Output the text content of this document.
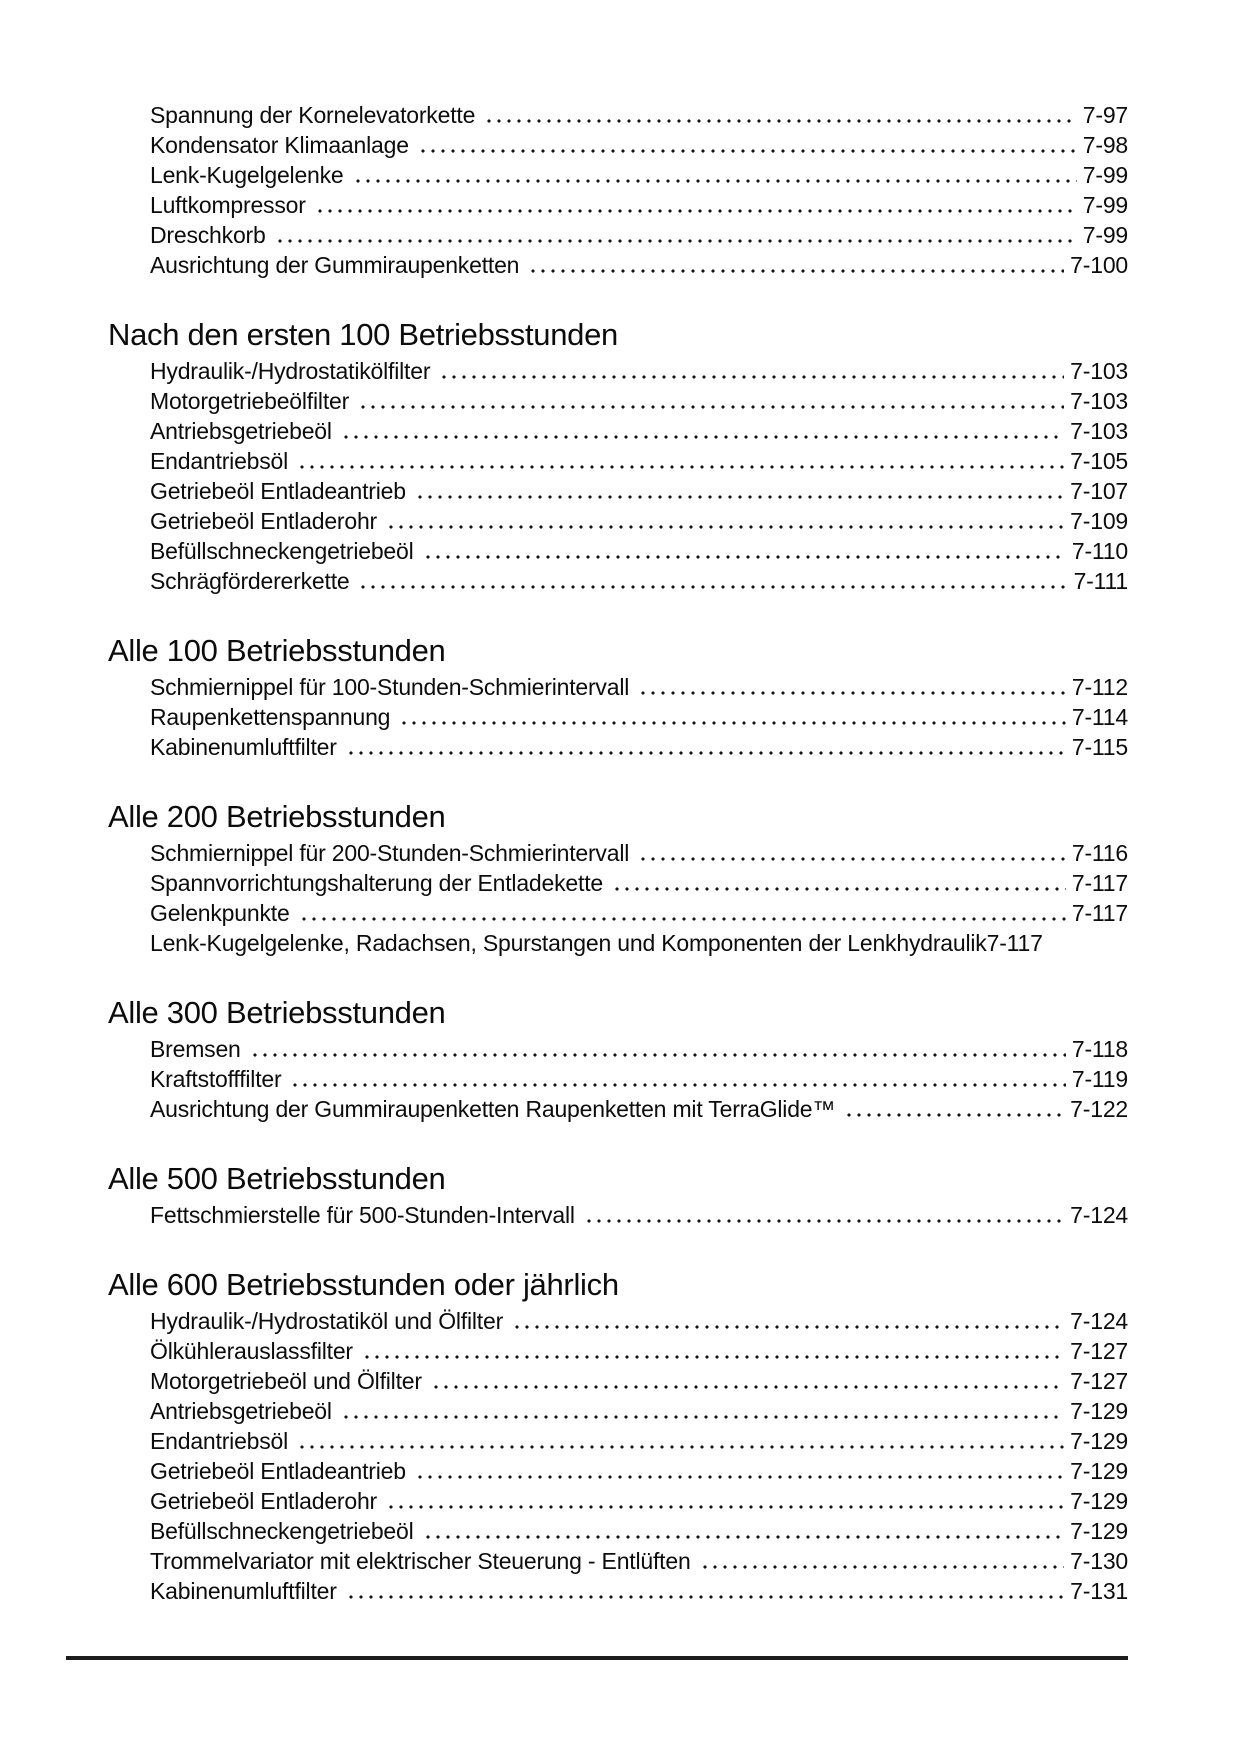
Spannung der Kornelevatorkette	7-97
Kondensator Klimaanlage	7-98
Lenk-Kugelgelenke	7-99
Luftkompressor	7-99
Dreschkorb	7-99
Ausrichtung der Gummiraupenketten	7-100
Nach den ersten 100 Betriebsstunden
Hydraulik-/Hydrostatikölfilter	7-103
Motorgetriebeölfilter	7-103
Antriebsgetriebeöl	7-103
Endantriebsöl	7-105
Getriebeöl Entladeantrieb	7-107
Getriebeöl Entladerohr	7-109
Befüllschneckengetriebeöl	7-110
Schrägfördererkette	7-111
Alle 100 Betriebsstunden
Schmiernippel für 100-Stunden-Schmierintervall	7-112
Raupenkettenspannung	7-114
Kabinenumluftfilter	7-115
Alle 200 Betriebsstunden
Schmiernippel für 200-Stunden-Schmierintervall	7-116
Spannvorrichtungshalterung der Entladekette	7-117
Gelenkpunkte	7-117
Lenk-Kugelgelenke, Radachsen, Spurstangen und Komponenten der Lenkhydraulik 7-117
Alle 300 Betriebsstunden
Bremsen	7-118
Kraftstofffilter	7-119
Ausrichtung der Gummiraupenketten Raupenketten mit TerraGlide™	7-122
Alle 500 Betriebsstunden
Fettschmierstelle für 500-Stunden-Intervall	7-124
Alle 600 Betriebsstunden oder jährlich
Hydraulik-/Hydrostatiköl und Ölfilter	7-124
Ölkühlerauslassfilter	7-127
Motorgetriebeöl und Ölfilter	7-127
Antriebsgetriebeöl	7-129
Endantriebsöl	7-129
Getriebeöl Entladeantrieb	7-129
Getriebeöl Entladerohr	7-129
Befüllschneckengetriebeöl	7-129
Trommelvariator mit elektrischer Steuerung - Entlüften	7-130
Kabinenumluftfilter	7-131
